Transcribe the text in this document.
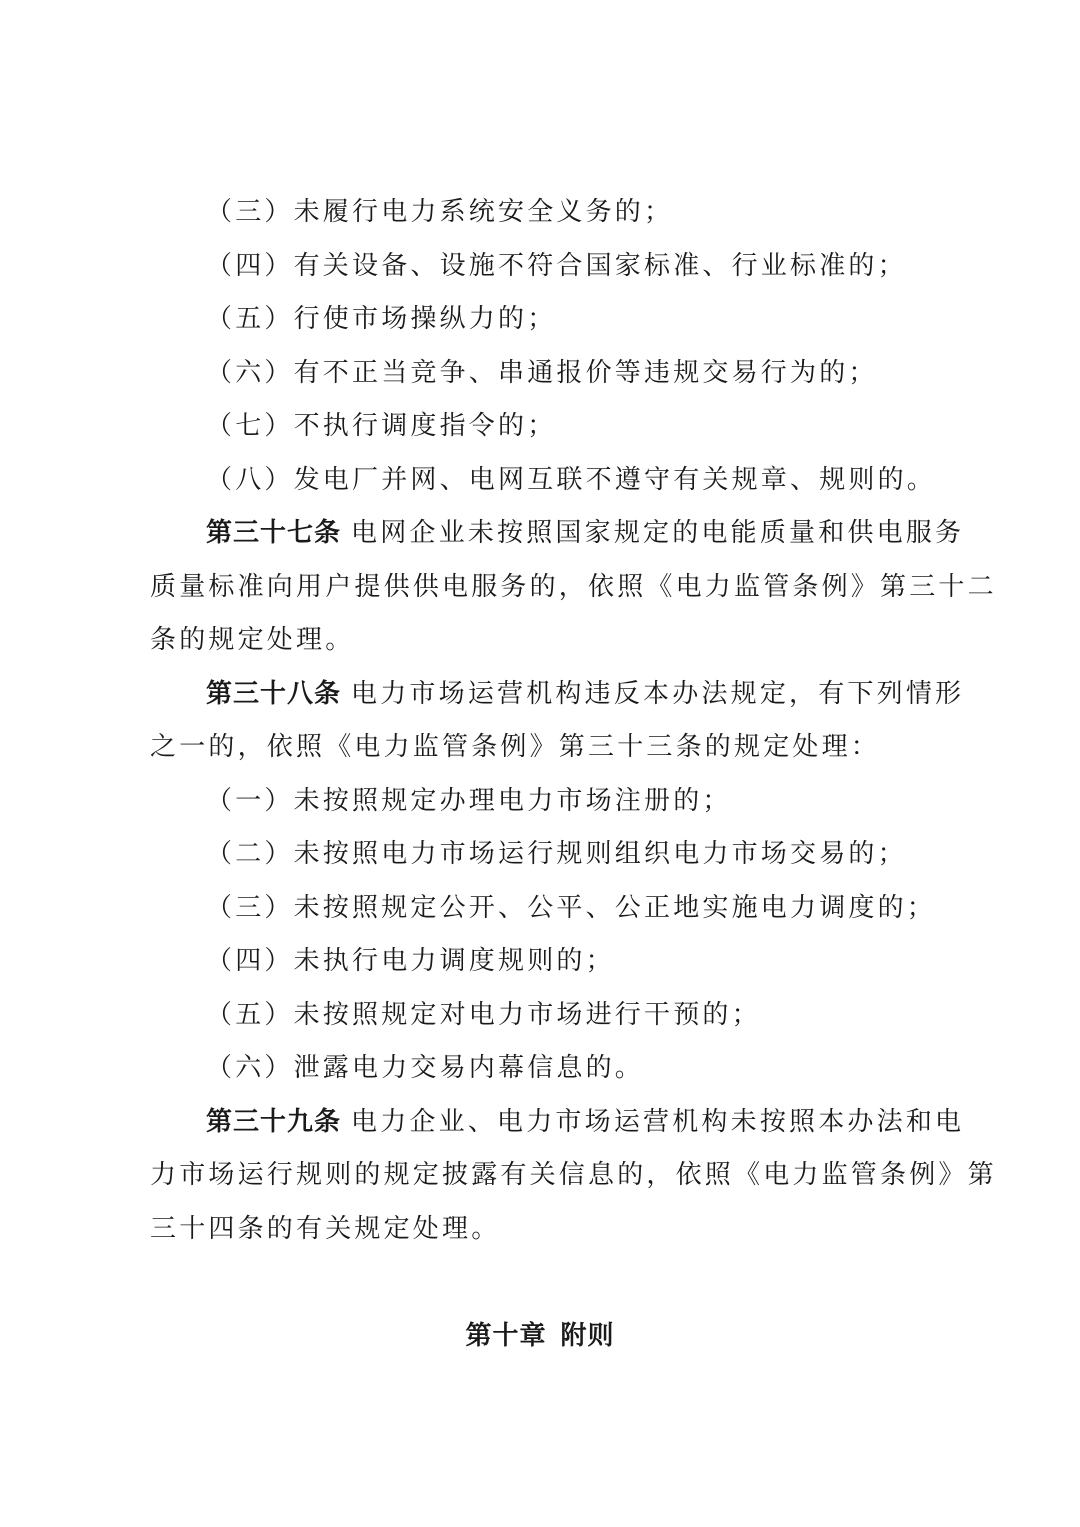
（三）未履行电力系统安全义务的；

（四）有关设备、设施不符合国家标准、行业标准的；

（五）行使市场操纵力的；

（六）有不正当竞争、串通报价等违规交易行为的；

（七）不执行调度指令的；

（八）发电厂并网、电网互联不遵守有关规章、规则的。

第三十七条 电网企业未按照国家规定的电能质量和供电服务

质量标准向用户提供供电服务的，依照《电力监管条例》第三十二

条的规定处理。

第三十八条 电力市场运营机构违反本办法规定，有下列情形

之一的，依照《电力监管条例》第三十三条的规定处理：

（一）未按照规定办理电力市场注册的；

（二）未按照电力市场运行规则组织电力市场交易的；

（三）未按照规定公开、公平、公正地实施电力调度的；

（四）未执行电力调度规则的；

（五）未按照规定对电力市场进行干预的；

（六）泄露电力交易内幕信息的。

第三十九条 电力企业、电力市场运营机构未按照本办法和电

力市场运行规则的规定披露有关信息的，依照《电力监管条例》第

三十四条的有关规定处理。

第十章 附则
